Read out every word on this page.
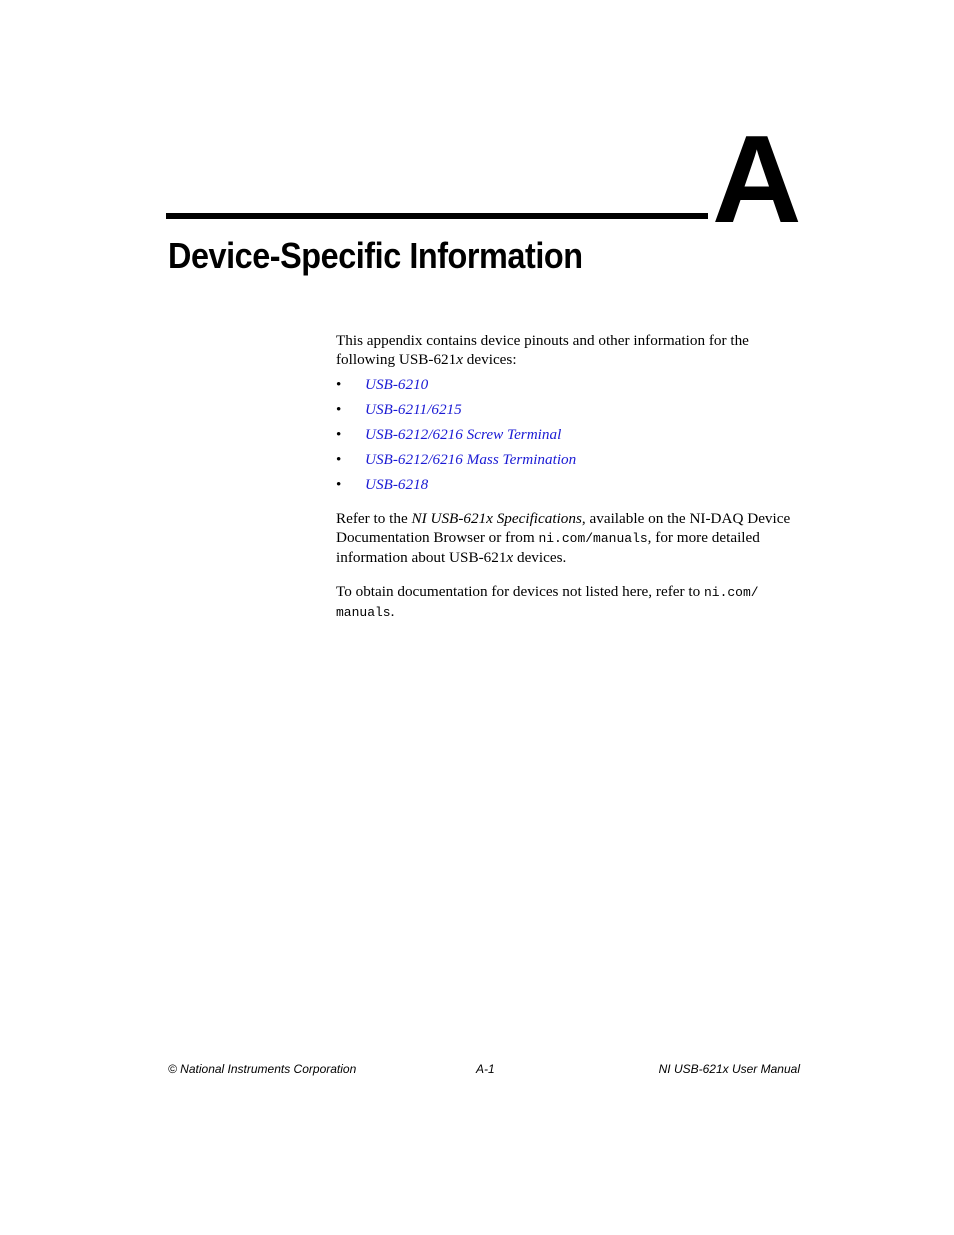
A
Device-Specific Information

This appendix contains device pinouts and other information for the
following USB-621x devices:

• USB-6210
• USB-6211/6215
• USB-6212/6216 Screw Terminal
• USB-6212/6216 Mass Termination
• USB-6218

Refer to the NI USB-621x Specifications, available on the NI-DAQ Device Documentation Browser or from ni.com/manuals, for more detailed information about USB-621x devices.

To obtain documentation for devices not listed here, refer to ni.com/
manuals.

© National Instruments Corporation	A-1	NI USB-621x User Manual
